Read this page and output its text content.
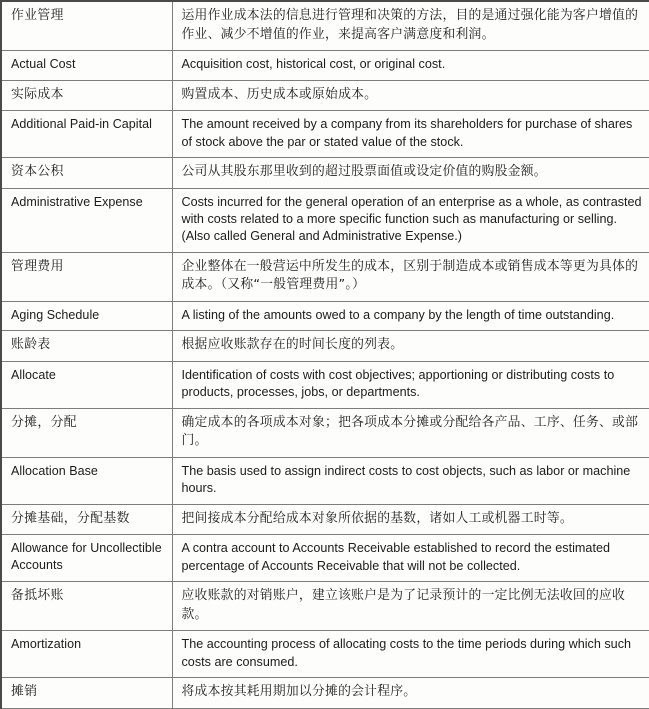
作业管理	运用作业成本法的信息进行管理和决策的方法，目的是通过强化能为客户增值的作业、减少不增值的作业，来提高客户满意度和利润。
Actual Cost	Acquisition cost, historical cost, or original cost.
实际成本	购置成本、历史成本或原始成本。
Additional Paid-in Capital	The amount received by a company from its shareholders for purchase of shares of stock above the par or stated value of the stock.
资本公积	公司从其股东那里收到的超过股票面值或设定价值的购股金额。
Administrative Expense	Costs incurred for the general operation of an enterprise as a whole, as contrasted with costs related to a more specific function such as manufacturing or selling. (Also called General and Administrative Expense.)
管理费用	企业整体在一般营运中所发生的成本，区别于制造成本或销售成本等更为具体的成本。（又称“一般管理费用”。）
Aging Schedule	A listing of the amounts owed to a company by the length of time outstanding.
账龄表	根据应收账款存在的时间长度的列表。
Allocate	Identification of costs with cost objectives; apportioning or distributing costs to products, processes, jobs, or departments.
分摊，分配	确定成本的各项成本对象；把各项成本分摊或分配给各产品、工序、任务、或部门。
Allocation Base	The basis used to assign indirect costs to cost objects, such as labor or machine hours.
分摊基础，分配基数	把间接成本分配给成本对象所依据的基数，诸如人工或机器工时等。
Allowance for Uncollectible Accounts	A contra account to Accounts Receivable established to record the estimated percentage of Accounts Receivable that will not be collected.
备抵坏账	应收账款的对销账户，建立该账户是为了记录预计的一定比例无法收回的应收款。
Amortization	The accounting process of allocating costs to the time periods during which such costs are consumed.
摊销	将成本按其耗用期加以分摊的会计程序。
